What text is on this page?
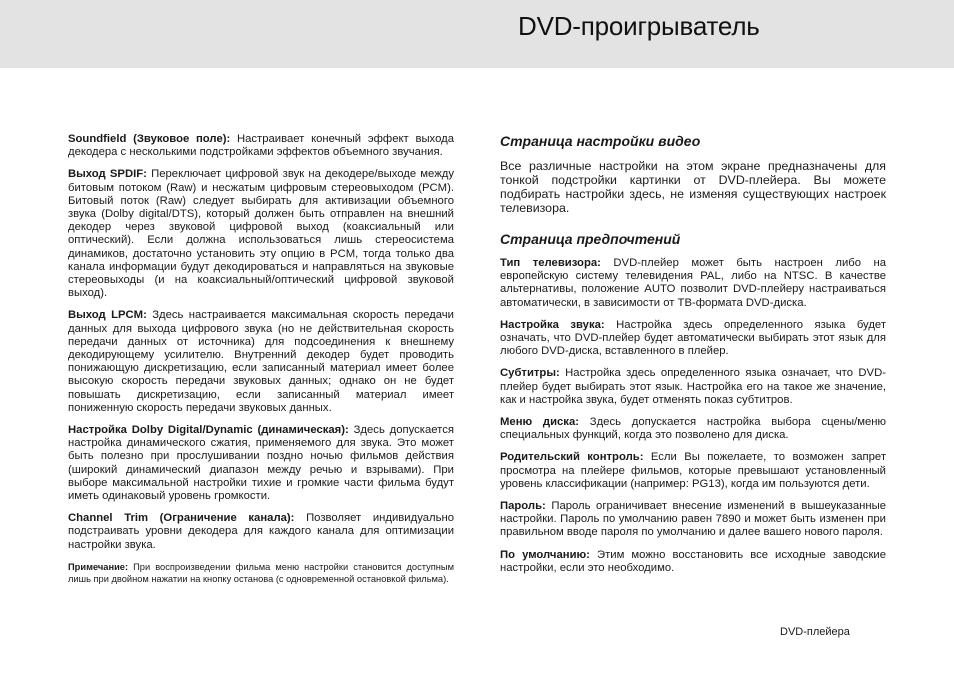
DVD-проигрыватель

Soundfield (Звуковое поле): Настраивает конечный эффект выхода декодера с несколькими подстройками эффектов объемного звучания.

Выход SPDIF: Переключает цифровой звук на декодере/выходе между битовым потоком (Raw) и несжатым цифровым стереовыходом (PCM). Битовый поток (Raw) следует выбирать для активизации объемного звука (Dolby digital/DTS), который должен быть отправлен на внешний декодер через звуковой цифровой выход (коаксиальный или оптический). Если должна использоваться лишь стереосистема динамиков, достаточно установить эту опцию в PCM, тогда только два канала информации будут декодироваться и направляться на звуковые стереовыходы (и на коаксиальный/оптический цифровой звуковой выход).

Выход LPCM: Здесь настраивается максимальная скорость передачи данных для выхода цифрового звука (но не действительная скорость передачи данных от источника) для подсоединения к внешнему декодирующему усилителю. Внутренний декодер будет проводить понижающую дискретизацию, если записанный материал имеет более высокую скорость передачи звуковых данных; однако он не будет повышать дискретизацию, если записанный материал имеет пониженную скорость передачи звуковых данных.

Настройка Dolby Digital/Dynamic (динамическая): Здесь допускается настройка динамического сжатия, применяемого для звука. Это может быть полезно при прослушивании поздно ночью фильмов действия (широкий динамический диапазон между речью и взрывами). При выборе максимальной настройки тихие и громкие части фильма будут иметь одинаковый уровень громкости.

Channel Trim (Ограничение канала): Позволяет индивидуально подстраивать уровни декодера для каждого канала для оптимизации настройки звука.

Примечание: При воспроизведении фильма меню настройки становится доступным лишь при двойном нажатии на кнопку останова (с одновременной остановкой фильма).

Страница настройки видео

Все различные настройки на этом экране предназначены для тонкой подстройки картинки от DVD-плейера. Вы можете подбирать настройки здесь, не изменяя существующих настроек телевизора.

Страница предпочтений

Тип телевизора: DVD-плейер может быть настроен либо на европейскую систему телевидения PAL, либо на NTSC. В качестве альтернативы, положение AUTO позволит DVD-плейеру настраиваться автоматически, в зависимости от ТВ-формата DVD-диска.

Настройка звука: Настройка здесь определенного языка будет означать, что DVD-плейер будет автоматически выбирать этот язык для любого DVD-диска, вставленного в плейер.

Субтитры: Настройка здесь определенного языка означает, что DVD-плейер будет выбирать этот язык. Настройка его на такое же значение, как и настройка звука, будет отменять показ субтитров.

Меню диска: Здесь допускается настройка выбора сцены/меню специальных функций, когда это позволено для диска.

Родительский контроль: Если Вы пожелаете, то возможен запрет просмотра на плейере фильмов, которые превышают установленный уровень классификации (например: PG13), когда им пользуются дети.

Пароль: Пароль ограничивает внесение изменений в вышеуказанные настройки. Пароль по умолчанию равен 7890 и может быть изменен при правильном вводе пароля по умолчанию и далее вашего нового пароля.

По умолчанию: Этим можно восстановить все исходные заводские настройки, если это необходимо.

DVD-плейера
